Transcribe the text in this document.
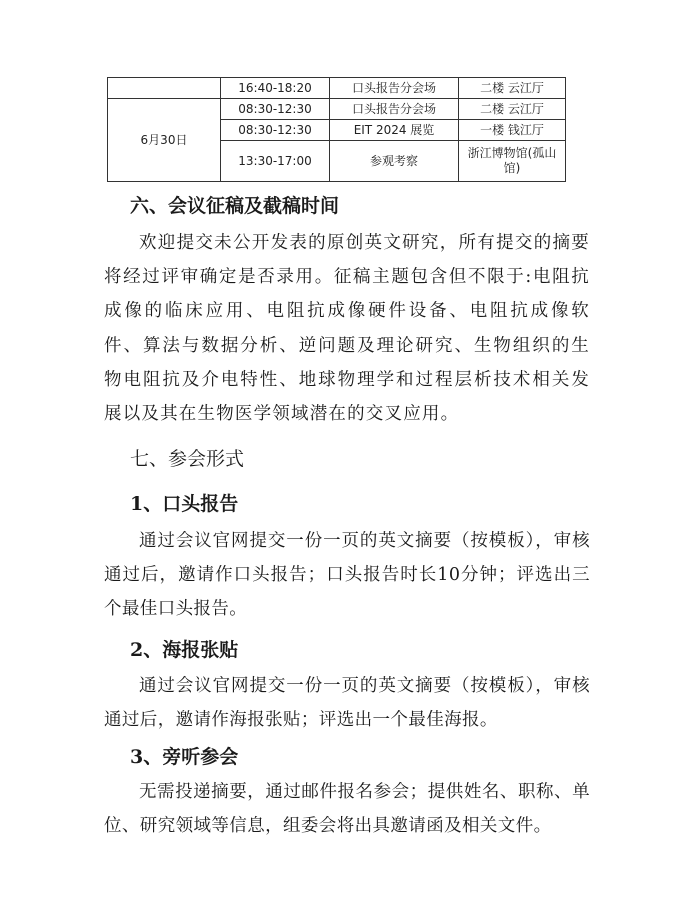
	16:40-18:20	口头报告分会场	二楼 云江厅
6月30日	08:30-12:30	口头报告分会场	二楼 云江厅
	08:30-12:30	EIT 2024 展览	一楼 钱江厅
	13:30-17:00	参观考察	浙江博物馆(孤山
馆)
六、会议征稿及截稿时间

欢迎提交未公开发表的原创英文研究，所有提交的摘要将经过评审确定是否录用。征稿主题包含但不限于:电阻抗成像的临床应用、电阻抗成像硬件设备、电阻抗成像软件、算法与数据分析、逆问题及理论研究、生物组织的生物电阻抗及介电特性、地球物理学和过程层析技术相关发展以及其在生物医学领域潜在的交叉应用。

七、参会形式
1、口头报告

通过会议官网提交一份一页的英文摘要（按模板），审核通过后，邀请作口头报告；口头报告时长10分钟；评选出三个最佳口头报告。

2、海报张贴

通过会议官网提交一份一页的英文摘要（按模板），审核通过后，邀请作海报张贴；评选出一个最佳海报。

3、旁听参会

无需投递摘要，通过邮件报名参会；提供姓名、职称、单位、研究领域等信息，组委会将出具邀请函及相关文件。
